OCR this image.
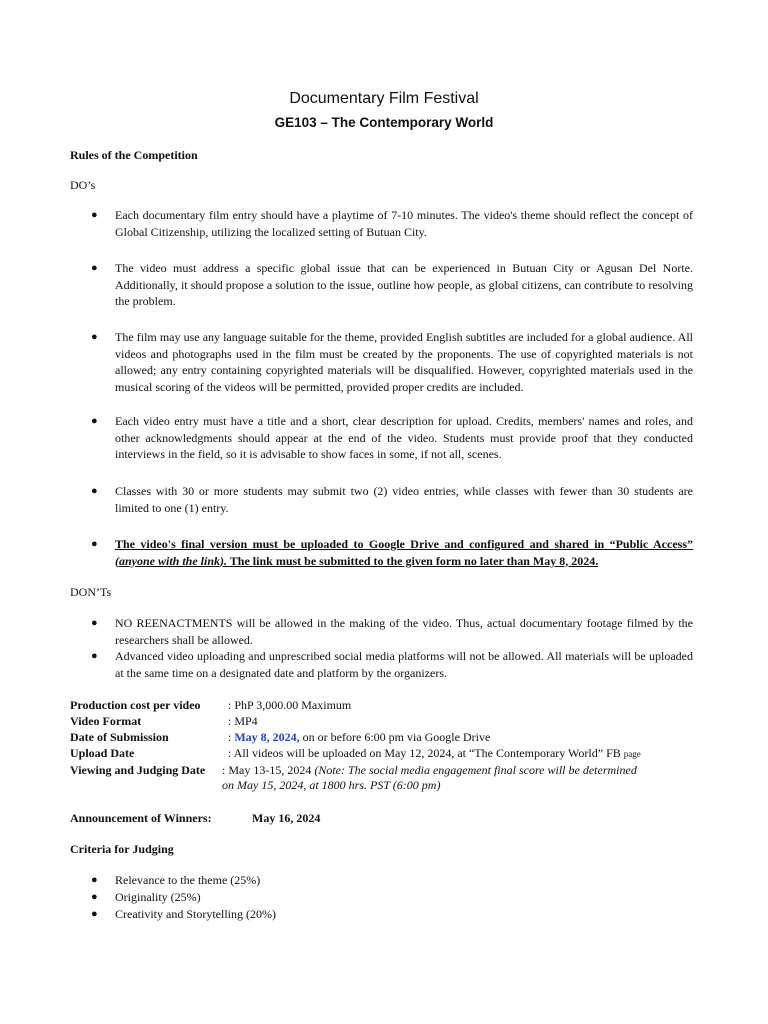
Documentary Film Festival
GE103 – The Contemporary World
Rules of the Competition
DO’s
● Each documentary film entry should have a playtime of 7-10 minutes. The video's theme should reflect the concept of Global Citizenship, utilizing the localized setting of Butuan City.
● The video must address a specific global issue that can be experienced in Butuan City or Agusan Del Norte. Additionally, it should propose a solution to the issue, outline how people, as global citizens, can contribute to resolving the problem.
● The film may use any language suitable for the theme, provided English subtitles are included for a global audience. All videos and photographs used in the film must be created by the proponents. The use of copyrighted materials is not allowed; any entry containing copyrighted materials will be disqualified. However, copyrighted materials used in the musical scoring of the videos will be permitted, provided proper credits are included.
● Each video entry must have a title and a short, clear description for upload. Credits, members' names and roles, and other acknowledgments should appear at the end of the video. Students must provide proof that they conducted interviews in the field, so it is advisable to show faces in some, if not all, scenes.
● Classes with 30 or more students may submit two (2) video entries, while classes with fewer than 30 students are limited to one (1) entry.
● The video's final version must be uploaded to Google Drive and configured and shared in “Public Access” (anyone with the link). The link must be submitted to the given form no later than May 8, 2024.
DON’Ts
● NO REENACTMENTS will be allowed in the making of the video. Thus, actual documentary footage filmed by the researchers shall be allowed.
● Advanced video uploading and unprescribed social media platforms will not be allowed. All materials will be uploaded at the same time on a designated date and platform by the organizers.
Production cost per video : PhP 3,000.00 Maximum
Video Format	: MP4
Date of Submission	: May 8, 2024, on or before 6:00 pm via Google Drive
Upload Date	: All videos will be uploaded on May 12, 2024, at “The Contemporary World” FB page
Viewing and Judging Date : May 13-15, 2024 (Note: The social media engagement final score will be determined
on May 15, 2024, at 1800 hrs. PST (6:00 pm)
Announcement of Winners:	May 16, 2024
Criteria for Judging
● Relevance to the theme (25%)
● Originality (25%)
● Creativity and Storytelling (20%)
